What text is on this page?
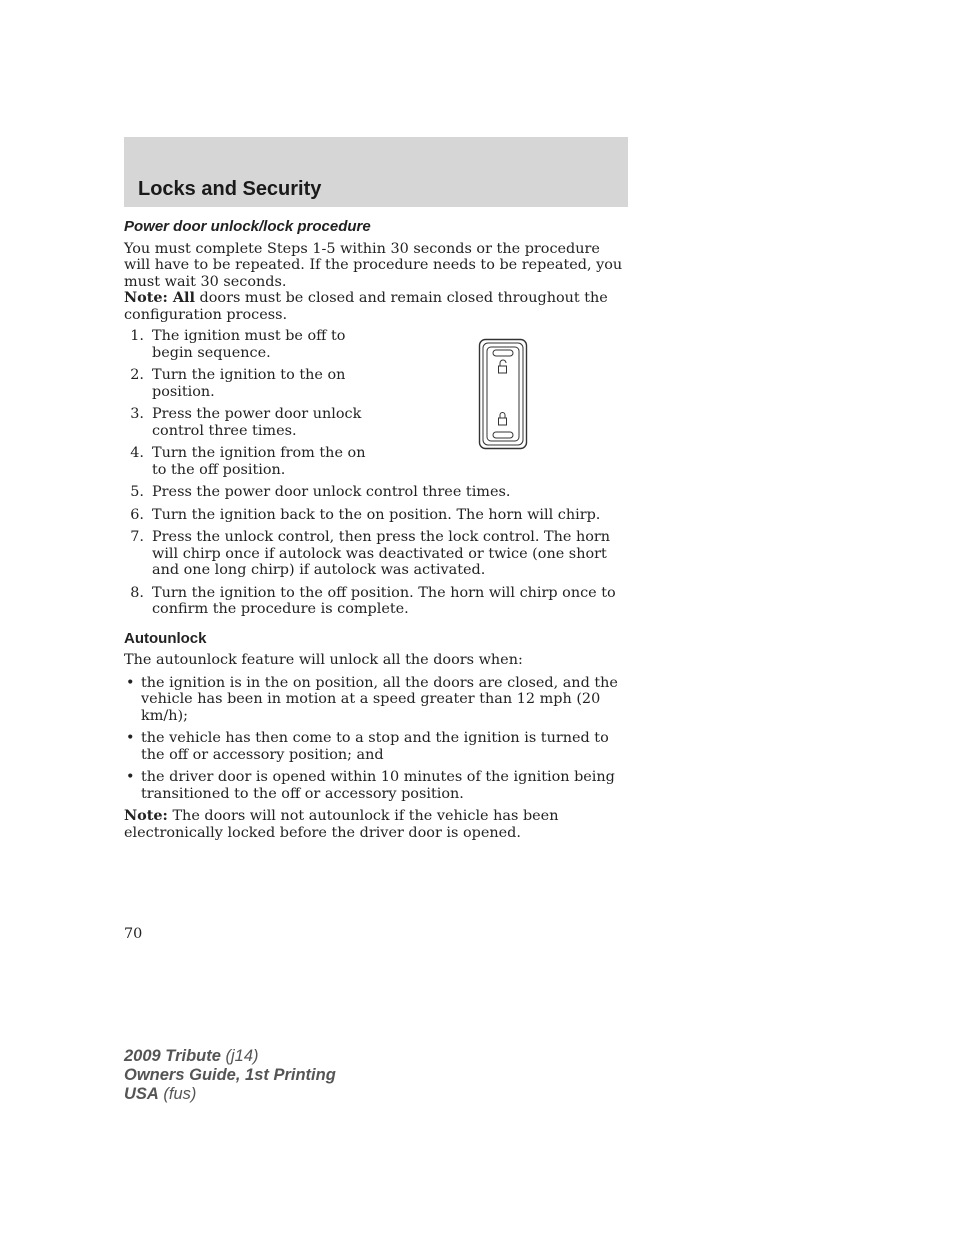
Locks and Security
Power door unlock/lock procedure

You must complete Steps 1-5 within 30 seconds or the procedure will have to be repeated. If the procedure needs to be repeated, you must wait 30 seconds.

Note: All doors must be closed and remain closed throughout the configuration process.

1. The ignition must be off to begin sequence.
2. Turn the ignition to the on position.
3. Press the power door unlock control three times.
4. Turn the ignition from the on to the off position.
5. Press the power door unlock control three times.
6. Turn the ignition back to the on position. The horn will chirp.
7. Press the unlock control, then press the lock control. The horn will chirp once if autolock was deactivated or twice (one short and one long chirp) if autolock was activated.
8. Turn the ignition to the off position. The horn will chirp once to confirm the procedure is complete.
Autounlock

The autounlock feature will unlock all the doors when:

• the ignition is in the on position, all the doors are closed, and the vehicle has been in motion at a speed greater than 12 mph (20 km/h);
• the vehicle has then come to a stop and the ignition is turned to the off or accessory position; and
• the driver door is opened within 10 minutes of the ignition being transitioned to the off or accessory position.

Note: The doors will not autounlock if the vehicle has been electronically locked before the driver door is opened.

70
2009 Tribute (j14)
Owners Guide, 1st Printing
USA (fus)
